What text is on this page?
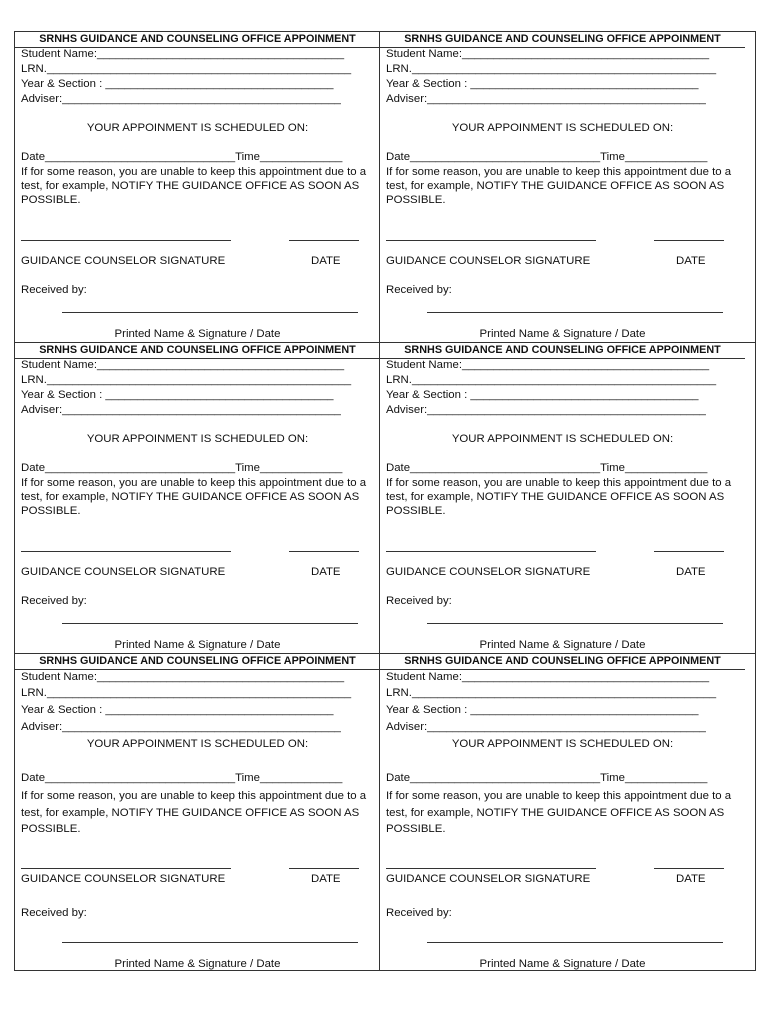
SRNHS GUIDANCE AND COUNSELING OFFICE APPOINMENT
Student Name:_______________________________________
LRN.________________________________________________
Year & Section : ____________________________________
Adviser:____________________________________________
YOUR APPOINMENT IS SCHEDULED ON:
Date______________________________Time_____________
If for some reason, you are unable to keep this appointment due to a test, for example, NOTIFY THE GUIDANCE OFFICE AS SOON AS POSSIBLE.
GUIDANCE COUNSELOR SIGNATURE	DATE
Received by:
Printed Name & Signature / Date
SRNHS GUIDANCE AND COUNSELING OFFICE APPOINMENT
Student Name:_______________________________________
LRN.________________________________________________
Year & Section : ____________________________________
Adviser:____________________________________________
YOUR APPOINMENT IS SCHEDULED ON:
Date______________________________Time_____________
If for some reason, you are unable to keep this appointment due to a test, for example, NOTIFY THE GUIDANCE OFFICE AS SOON AS POSSIBLE.
GUIDANCE COUNSELOR SIGNATURE	DATE
Received by:
Printed Name & Signature / Date
SRNHS GUIDANCE AND COUNSELING OFFICE APPOINMENT
Student Name:_______________________________________
LRN.________________________________________________
Year & Section : ____________________________________
Adviser:____________________________________________
YOUR APPOINMENT IS SCHEDULED ON:
Date______________________________Time_____________
If for some reason, you are unable to keep this appointment due to a test, for example, NOTIFY THE GUIDANCE OFFICE AS SOON AS POSSIBLE.
GUIDANCE COUNSELOR SIGNATURE	DATE
Received by:
Printed Name & Signature / Date
SRNHS GUIDANCE AND COUNSELING OFFICE APPOINMENT
Student Name:_______________________________________
LRN.________________________________________________
Year & Section : ____________________________________
Adviser:____________________________________________
YOUR APPOINMENT IS SCHEDULED ON:
Date______________________________Time_____________
If for some reason, you are unable to keep this appointment due to a test, for example, NOTIFY THE GUIDANCE OFFICE AS SOON AS POSSIBLE.
GUIDANCE COUNSELOR SIGNATURE	DATE
Received by:
Printed Name & Signature / Date
SRNHS GUIDANCE AND COUNSELING OFFICE APPOINMENT
Student Name:_______________________________________
LRN.________________________________________________
Year & Section : ____________________________________
Adviser:____________________________________________
YOUR APPOINMENT IS SCHEDULED ON:
Date______________________________Time_____________
If for some reason, you are unable to keep this appointment due to a test, for example, NOTIFY THE GUIDANCE OFFICE AS SOON AS POSSIBLE.
GUIDANCE COUNSELOR SIGNATURE	DATE
Received by:
Printed Name & Signature / Date
SRNHS GUIDANCE AND COUNSELING OFFICE APPOINMENT
Student Name:_______________________________________
LRN.________________________________________________
Year & Section : ____________________________________
Adviser:____________________________________________
YOUR APPOINMENT IS SCHEDULED ON:
Date______________________________Time_____________
If for some reason, you are unable to keep this appointment due to a test, for example, NOTIFY THE GUIDANCE OFFICE AS SOON AS POSSIBLE.
GUIDANCE COUNSELOR SIGNATURE	DATE
Received by:
Printed Name & Signature / Date
